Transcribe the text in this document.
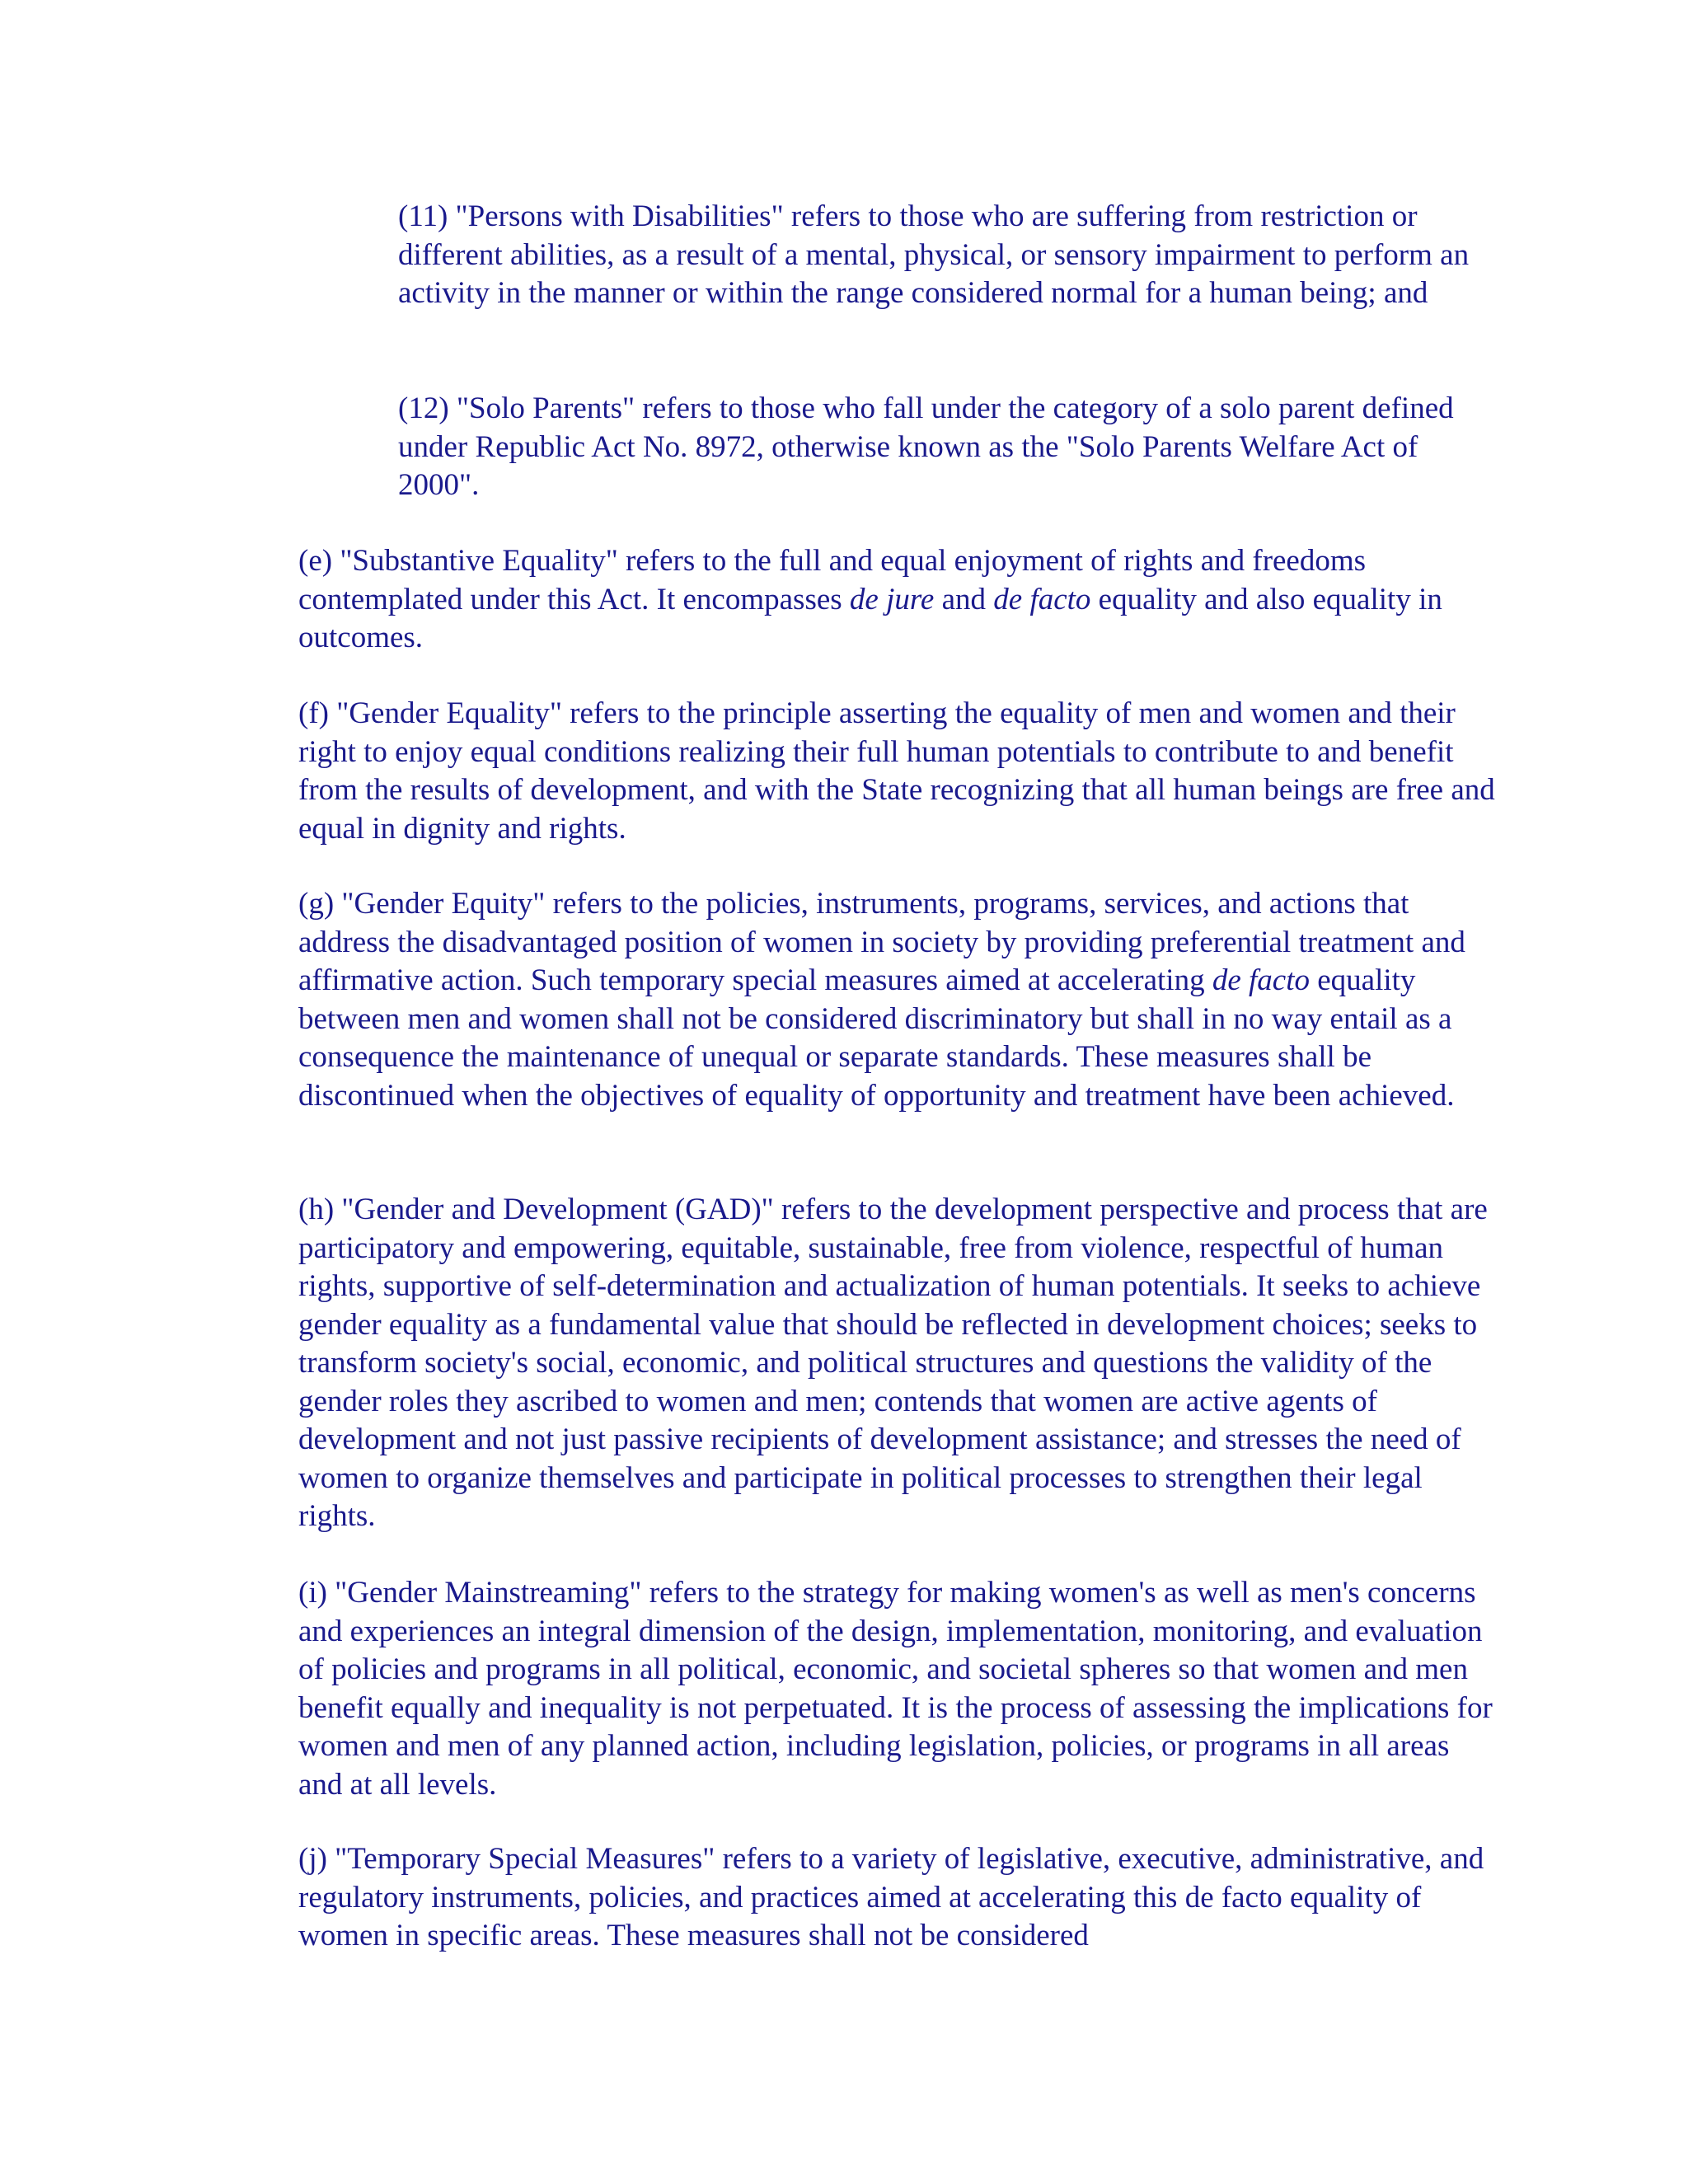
(11) "Persons with Disabilities" refers to those who are suffering from restriction or different abilities, as a result of a mental, physical, or sensory impairment to perform an activity in the manner or within the range considered normal for a human being; and

(12) "Solo Parents" refers to those who fall under the category of a solo parent defined under Republic Act No. 8972, otherwise known as the "Solo Parents Welfare Act of 2000".

(e) "Substantive Equality" refers to the full and equal enjoyment of rights and freedoms contemplated under this Act. It encompasses de jure and de facto equality and also equality in outcomes.

(f) "Gender Equality" refers to the principle asserting the equality of men and women and their right to enjoy equal conditions realizing their full human potentials to contribute to and benefit from the results of development, and with the State recognizing that all human beings are free and equal in dignity and rights.

(g) "Gender Equity" refers to the policies, instruments, programs, services, and actions that address the disadvantaged position of women in society by providing preferential treatment and affirmative action. Such temporary special measures aimed at accelerating de facto equality between men and women shall not be considered discriminatory but shall in no way entail as a consequence the maintenance of unequal or separate standards. These measures shall be discontinued when the objectives of equality of opportunity and treatment have been achieved.

(h) "Gender and Development (GAD)" refers to the development perspective and process that are participatory and empowering, equitable, sustainable, free from violence, respectful of human rights, supportive of self-determination and actualization of human potentials. It seeks to achieve gender equality as a fundamental value that should be reflected in development choices; seeks to transform society's social, economic, and political structures and questions the validity of the gender roles they ascribed to women and men; contends that women are active agents of development and not just passive recipients of development assistance; and stresses the need of women to organize themselves and participate in political processes to strengthen their legal rights.

(i) "Gender Mainstreaming" refers to the strategy for making women's as well as men's concerns and experiences an integral dimension of the design, implementation, monitoring, and evaluation of policies and programs in all political, economic, and societal spheres so that women and men benefit equally and inequality is not perpetuated. It is the process of assessing the implications for women and men of any planned action, including legislation, policies, or programs in all areas and at all levels.

(j) "Temporary Special Measures" refers to a variety of legislative, executive, administrative, and regulatory instruments, policies, and practices aimed at accelerating this de facto equality of women in specific areas. These measures shall not be considered
